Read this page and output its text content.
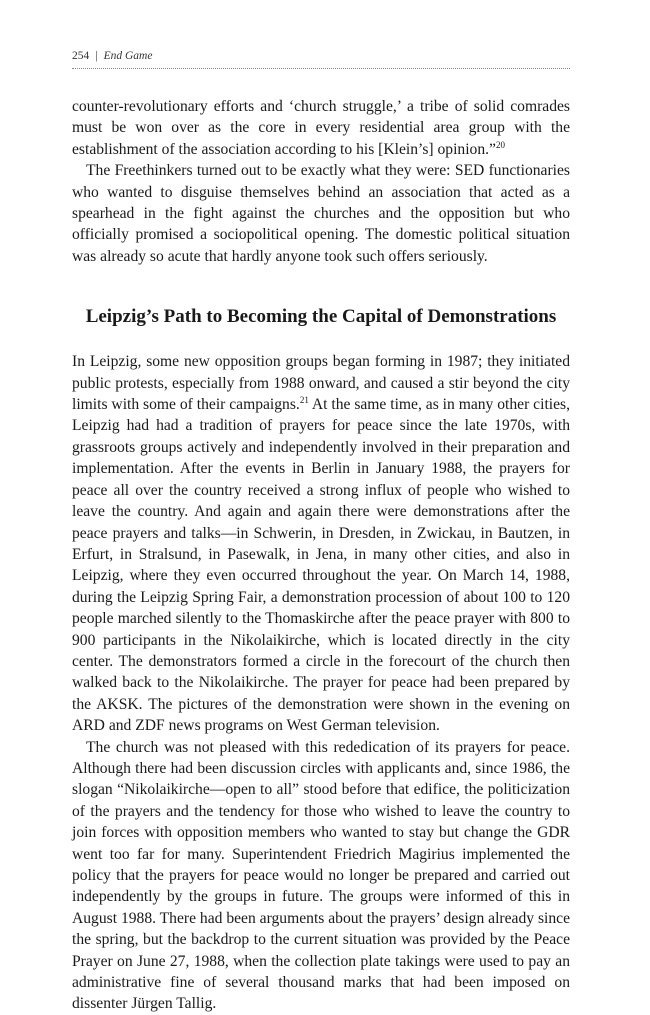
254 | End Game

counter-revolutionary efforts and ‘church struggle,’ a tribe of solid comrades must be won over as the core in every residential area group with the establishment of the association according to his [Klein’s] opinion.”$^{20}$

The Freethinkers turned out to be exactly what they were: SED functionaries who wanted to disguise themselves behind an association that acted as a spearhead in the fight against the churches and the opposition but who officially promised a sociopolitical opening. The domestic political situation was already so acute that hardly anyone took such offers seriously.

Leipzig’s Path to Becoming the Capital of Demonstrations

In Leipzig, some new opposition groups began forming in 1987; they initiated public protests, especially from 1988 onward, and caused a stir beyond the city limits with some of their campaigns.$^{21}$ At the same time, as in many other cities, Leipzig had had a tradition of prayers for peace since the late 1970s, with grassroots groups actively and independently involved in their preparation and implementation. After the events in Berlin in January 1988, the prayers for peace all over the country received a strong influx of people who wished to leave the country. And again and again there were demonstrations after the peace prayers and talks—in Schwerin, in Dresden, in Zwickau, in Bautzen, in Erfurt, in Stralsund, in Pasewalk, in Jena, in many other cities, and also in Leipzig, where they even occurred throughout the year. On March 14, 1988, during the Leipzig Spring Fair, a demonstration procession of about 100 to 120 people marched silently to the Thomaskirche after the peace prayer with 800 to 900 participants in the Nikolaikirche, which is located directly in the city center. The demonstrators formed a circle in the forecourt of the church then walked back to the Nikolaikirche. The prayer for peace had been prepared by the AKSK. The pictures of the demonstration were shown in the evening on ARD and ZDF news programs on West German television.

The church was not pleased with this rededication of its prayers for peace. Although there had been discussion circles with applicants and, since 1986, the slogan “Nikolaikirche—open to all” stood before that edifice, the politicization of the prayers and the tendency for those who wished to leave the country to join forces with opposition members who wanted to stay but change the GDR went too far for many. Superintendent Friedrich Magirius implemented the policy that the prayers for peace would no longer be prepared and carried out independently by the groups in future. The groups were informed of this in August 1988. There had been arguments about the prayers’ design already since the spring, but the backdrop to the current situation was provided by the Peace Prayer on June 27, 1988, when the collection plate takings were used to pay an administrative fine of several thousand marks that had been imposed on dissenter Jürgen Tallig.
